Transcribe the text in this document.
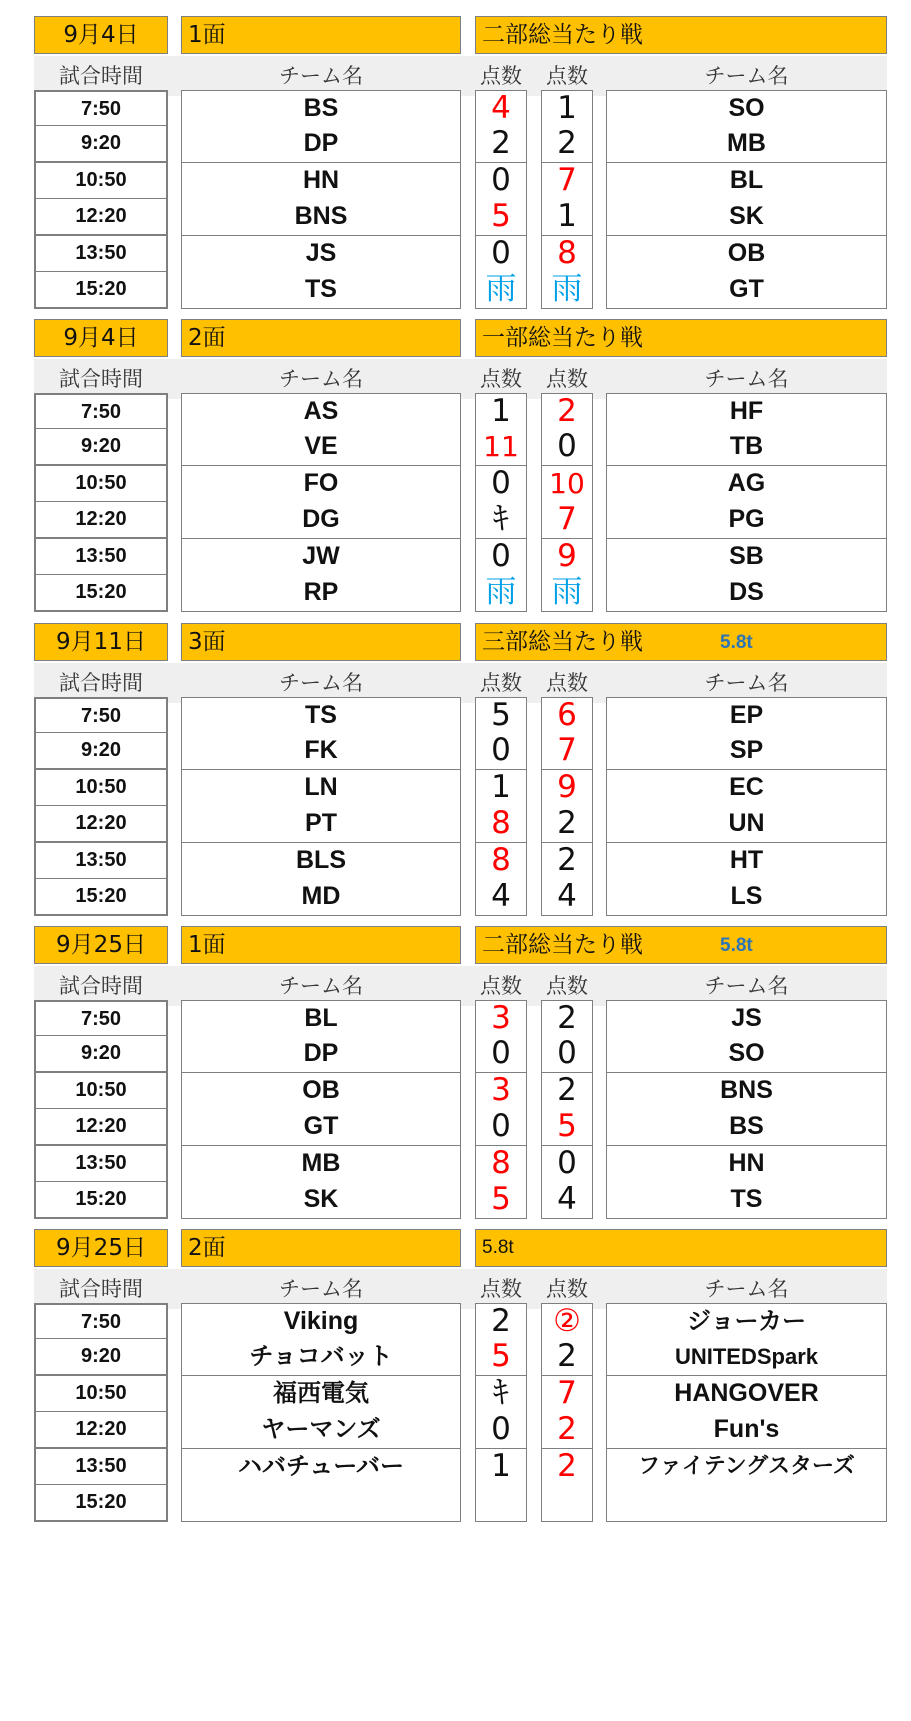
9月4日	1面	二部総当たり戦
試合時間	チーム名	点数 点数	チーム名
7:50	BS	4	1	SO
9:20	DP	2	2	MB
10:50	HN	0	7	BL
12:20	BNS	5	1	SK
13:50	JS	0	8	OB
15:20	TS	雨	雨	GT
9月4日	2面	一部総当たり戦
試合時間	チーム名	点数 点数	チーム名
7:50	AS	1	2	HF
9:20	VE	11	0	TB
10:50	FO	0	10	AG
12:20	DG	ｷ	7	PG
13:50	JW	0	9	SB
15:20	RP	雨	雨	DS
9月11日	3面	三部総当たり戦	5.8t
試合時間	チーム名	点数 点数	チーム名
7:50	TS	5	6	EP
9:20	FK	0	7	SP
10:50	LN	1	9	EC
12:20	PT	8	2	UN
13:50	BLS	8	2	HT
15:20	MD	4	4	LS
9月25日	1面	二部総当たり戦	5.8t
試合時間	チーム名	点数 点数	チーム名
7:50	BL	3	2	JS
9:20	DP	0	0	SO
10:50	OB	3	2	BNS
12:20	GT	0	5	BS
13:50	MB	8	0	HN
15:20	SK	5	4	TS
9月25日	2面	5.8t
試合時間	チーム名	点数 点数	チーム名
7:50	Viking	2	②	ジョーカー
9:20	チョコバット	5	2	UNITEDSpark
10:50	福西電気	ｷ	7	HANGOVER
12:20	ヤーマンズ	0	2	Fun's
13:50	ハバチューバー	1	2	ファイテングスターズ
15:20
